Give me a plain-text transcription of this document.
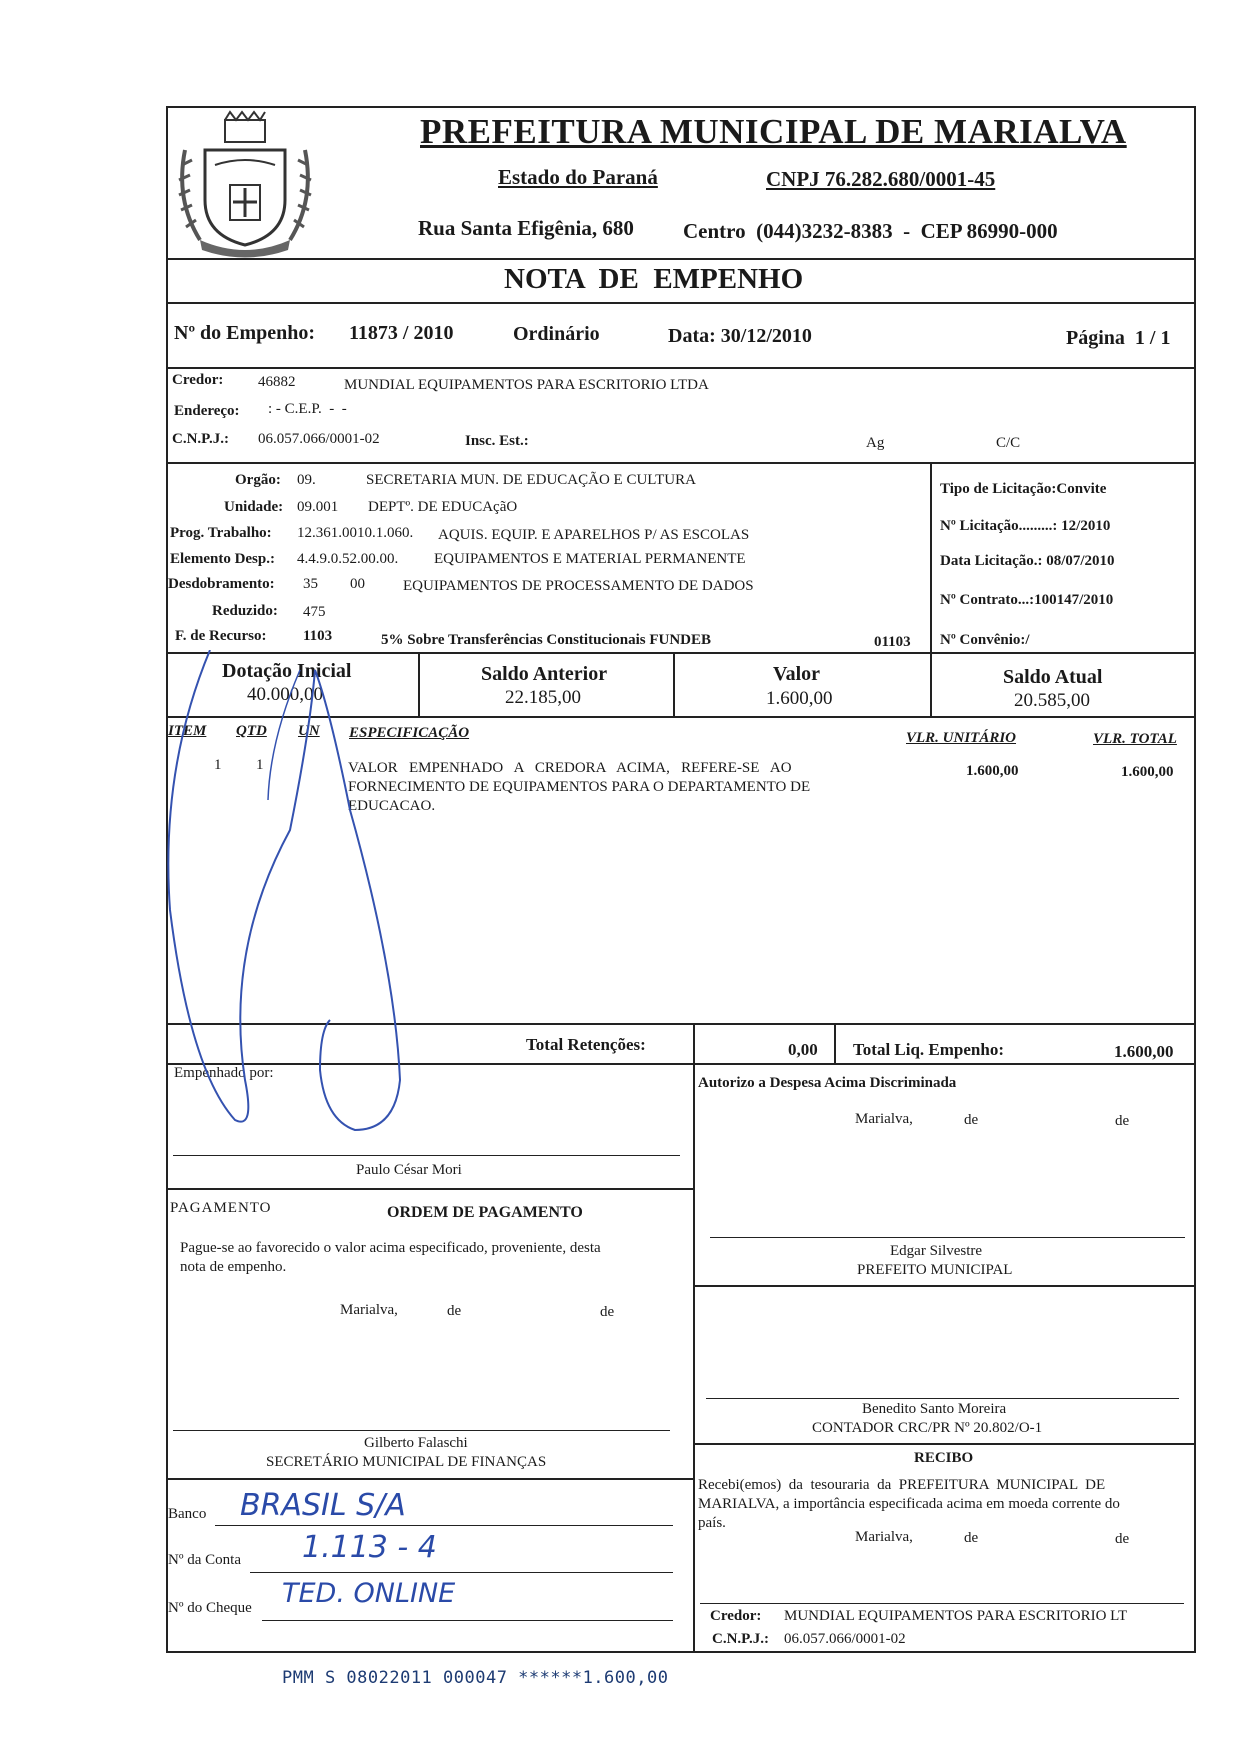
PREFEITURA MUNICIPAL DE MARIALVA
Estado do Paraná	CNPJ 76.282.680/0001-45
Rua Santa Efigênia, 680 Centro  (044)3232-8383  -  CEP 86990-000
NOTA  DE  EMPENHO
Nº do Empenho: 11873 / 2010	Ordinário	Data: 30/12/2010	Página  1 / 1
Credor: 46882	MUNDIAL EQUIPAMENTOS PARA ESCRITORIO LTDA
Endereço: : - C.E.P.  -  -
C.N.P.J.: 06.057.066/0001-02	Insc. Est.:	Ag	C/C
Orgão: 09.	SECRETARIA MUN. DE EDUCAÇÃO E CULTURA
Unidade: 09.001 DEPTº. DE EDUCAçãO
Prog. Trabalho: 12.361.0010.1.060. AQUIS. EQUIP. E APARELHOS P/ AS ESCOLAS
Elemento Desp.: 4.4.9.0.52.00.00. EQUIPAMENTOS E MATERIAL PERMANENTE
Desdobramento: 35 00	EQUIPAMENTOS DE PROCESSAMENTO DE DADOS
Reduzido: 475
F. de Recurso: 1103	5% Sobre Transferências Constitucionais FUNDEB	01103
Tipo de Licitação:Convite
Nº Licitação.........: 12/2010
Data Licitação.: 08/07/2010
Nº Contrato...:100147/2010
Nº Convênio:/
Dotação Inicial
40.000,00
Saldo Anterior
22.185,00
Valor
1.600,00
Saldo Atual
20.585,00
ITEM QTD UN ESPECIFICAÇÃO	VLR. UNITÁRIO	VLR. TOTAL
1 1	VALOR   EMPENHADO   A   CREDORA   ACIMA,   REFERE-SE   AO
FORNECIMENTO DE EQUIPAMENTOS PARA O DEPARTAMENTO DE
EDUCACAO.
1.600,00	1.600,00
Total Retenções:	0,00 Total Liq. Empenho:	1.600,00
Empenhado por:
Paulo César Mori
PAGAMENTO	ORDEM DE PAGAMENTO
Pague-se ao favorecido o valor acima especificado, proveniente, desta
nota de empenho.
Marialva,	de	de
Gilberto Falaschi
SECRETÁRIO MUNICIPAL DE FINANÇAS
Banco BRASIL S/A
Nº da Conta 1.113 - 4
Nº do Cheque TED. ONLINE
Autorizo a Despesa Acima Discriminada
Marialva,	de	de
Edgar Silvestre
PREFEITO MUNICIPAL
Benedito Santo Moreira
CONTADOR CRC/PR Nº 20.802/O-1
RECIBO
Recebi(emos)  da  tesouraria  da  PREFEITURA  MUNICIPAL  DE
MARIALVA, a importância especificada acima em moeda corrente do
país.
Marialva,	de	de
Credor: MUNDIAL EQUIPAMENTOS PARA ESCRITORIO LT
C.N.P.J.: 06.057.066/0001-02
PMM S 08022011 000047 ******1.600,00
